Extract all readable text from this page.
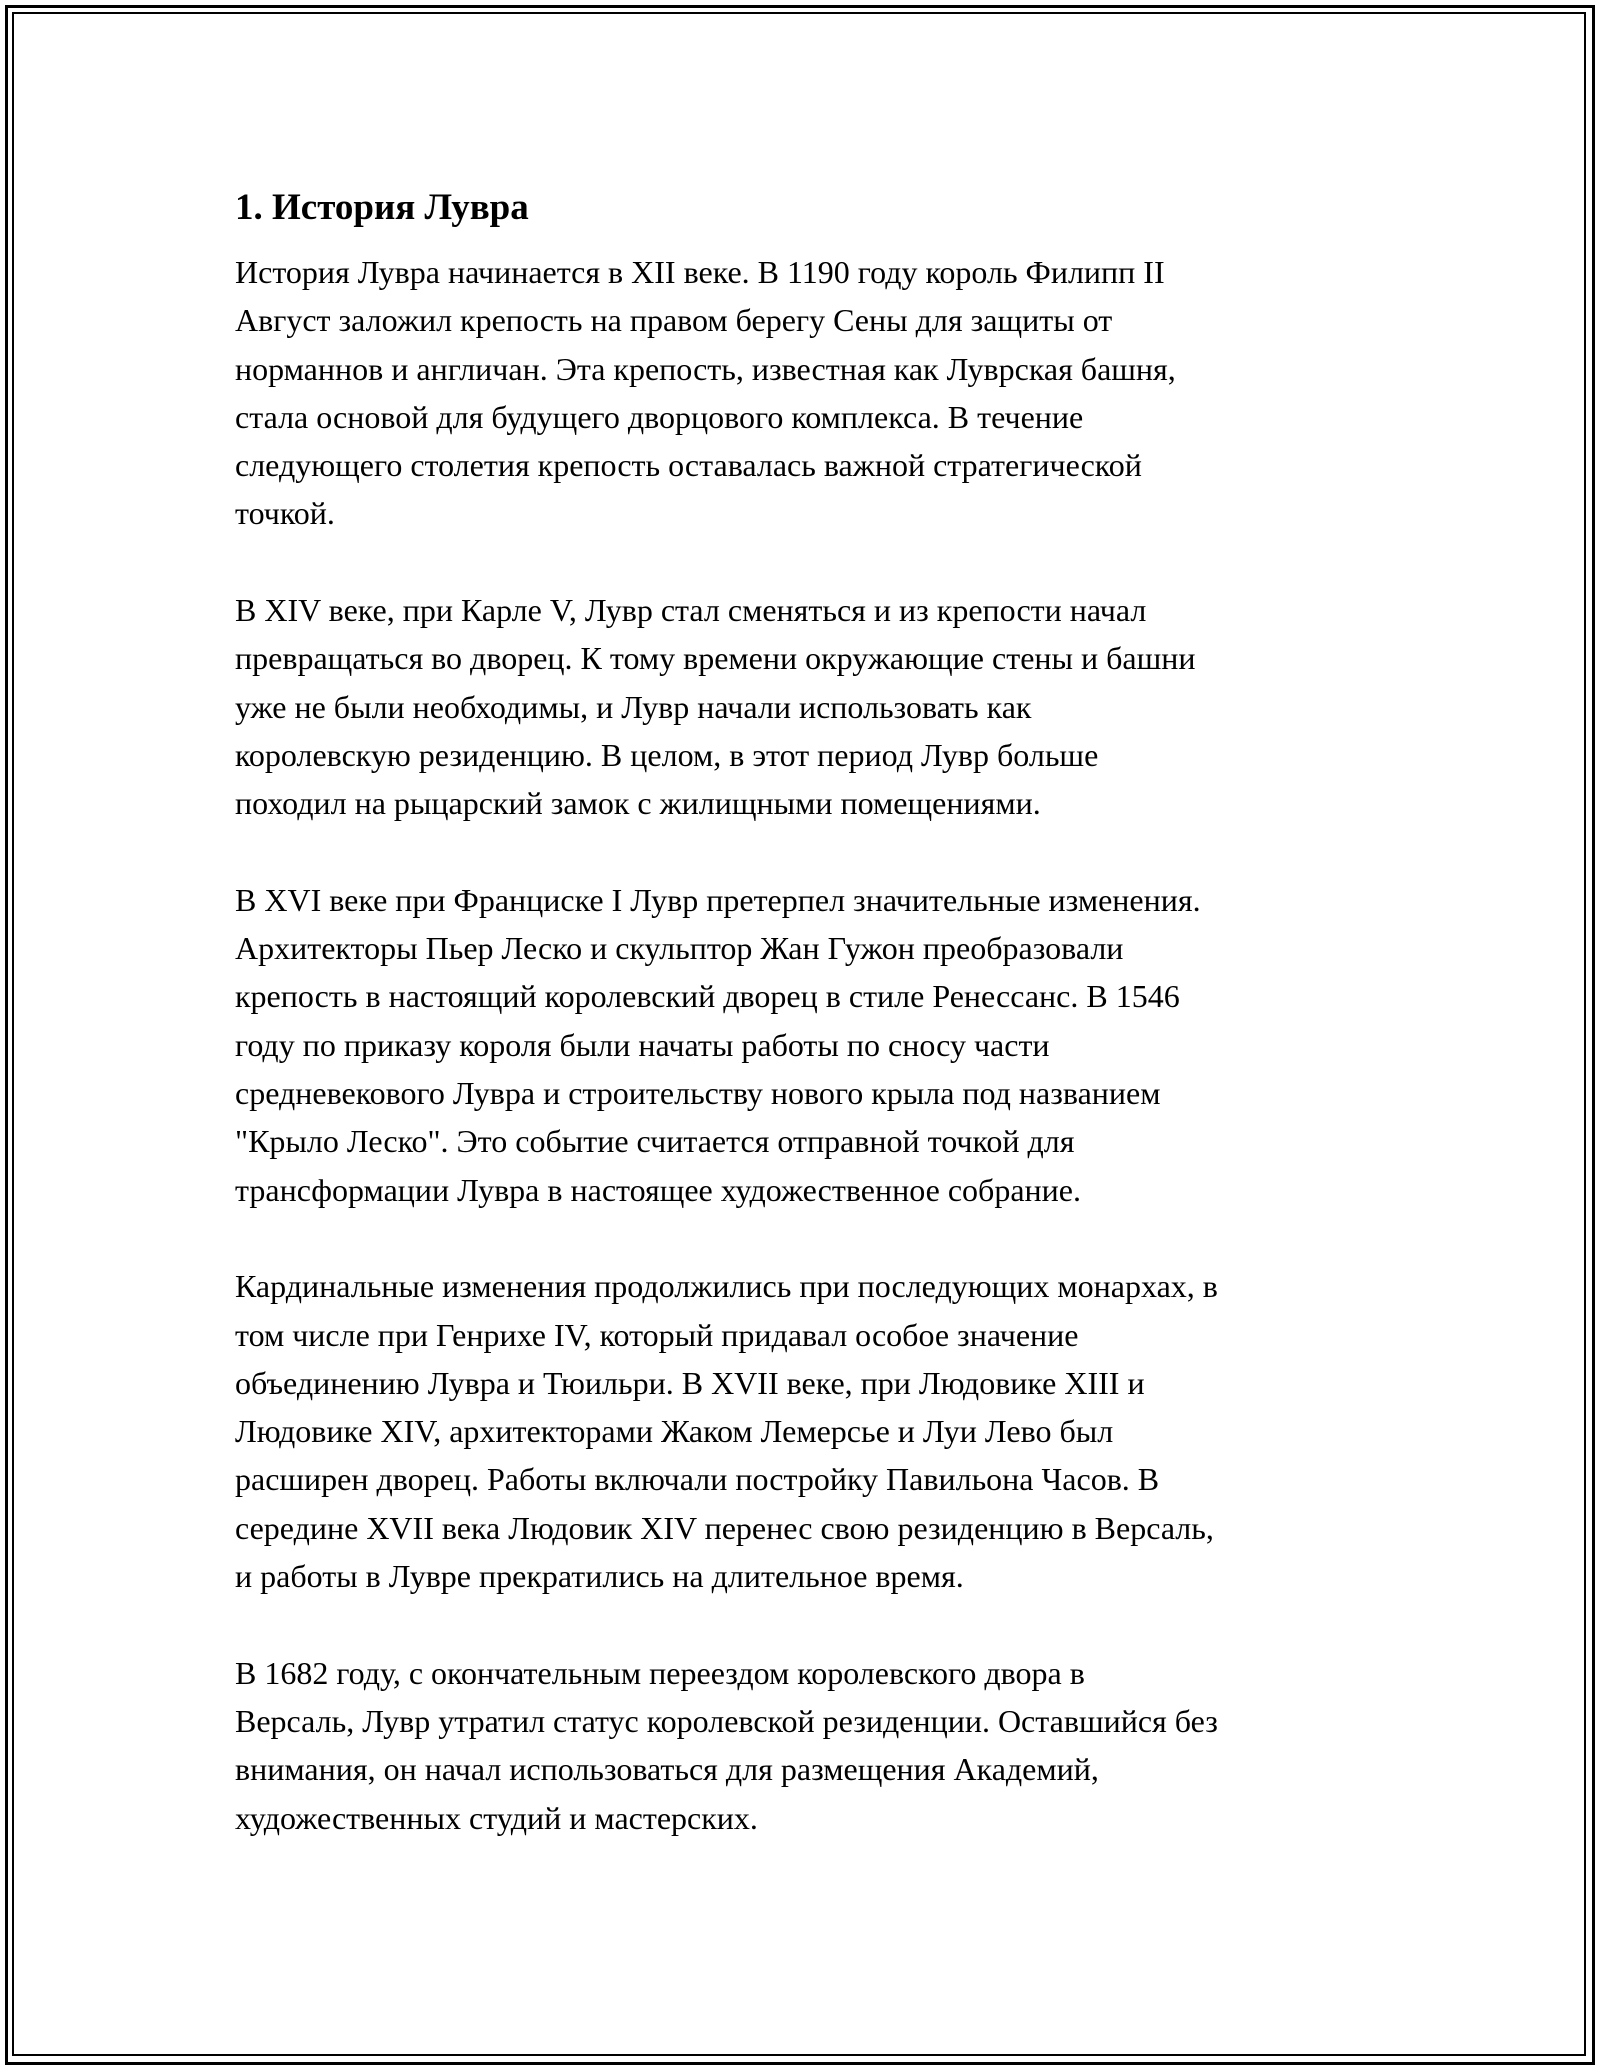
1. История Лувра

История Лувра начинается в XII веке. В 1190 году король Филипп II
Август заложил крепость на правом берегу Сены для защиты от
норманнов и англичан. Эта крепость, известная как Луврская башня,
стала основой для будущего дворцового комплекса. В течение
следующего столетия крепость оставалась важной стратегической
точкой.

В XIV веке, при Карле V, Лувр стал сменяться и из крепости начал
превращаться во дворец. К тому времени окружающие стены и башни
уже не были необходимы, и Лувр начали использовать как
королевскую резиденцию. В целом, в этот период Лувр больше
походил на рыцарский замок с жилищными помещениями.

В XVI веке при Франциске I Лувр претерпел значительные изменения.
Архитекторы Пьер Леско и скульптор Жан Гужон преобразовали
крепость в настоящий королевский дворец в стиле Ренессанс. В 1546
году по приказу короля были начаты работы по сносу части
средневекового Лувра и строительству нового крыла под названием
"Крыло Леско". Это событие считается отправной точкой для
трансформации Лувра в настоящее художественное собрание.

Кардинальные изменения продолжились при последующих монархах, в
том числе при Генрихе IV, который придавал особое значение
объединению Лувра и Тюильри. В XVII веке, при Людовике XIII и
Людовике XIV, архитекторами Жаком Лемерсье и Луи Лево был
расширен дворец. Работы включали постройку Павильона Часов. В
середине XVII века Людовик XIV перенес свою резиденцию в Версаль,
и работы в Лувре прекратились на длительное время.

В 1682 году, с окончательным переездом королевского двора в
Версаль, Лувр утратил статус королевской резиденции. Оставшийся без
внимания, он начал использоваться для размещения Академий,
художественных студий и мастерских.
